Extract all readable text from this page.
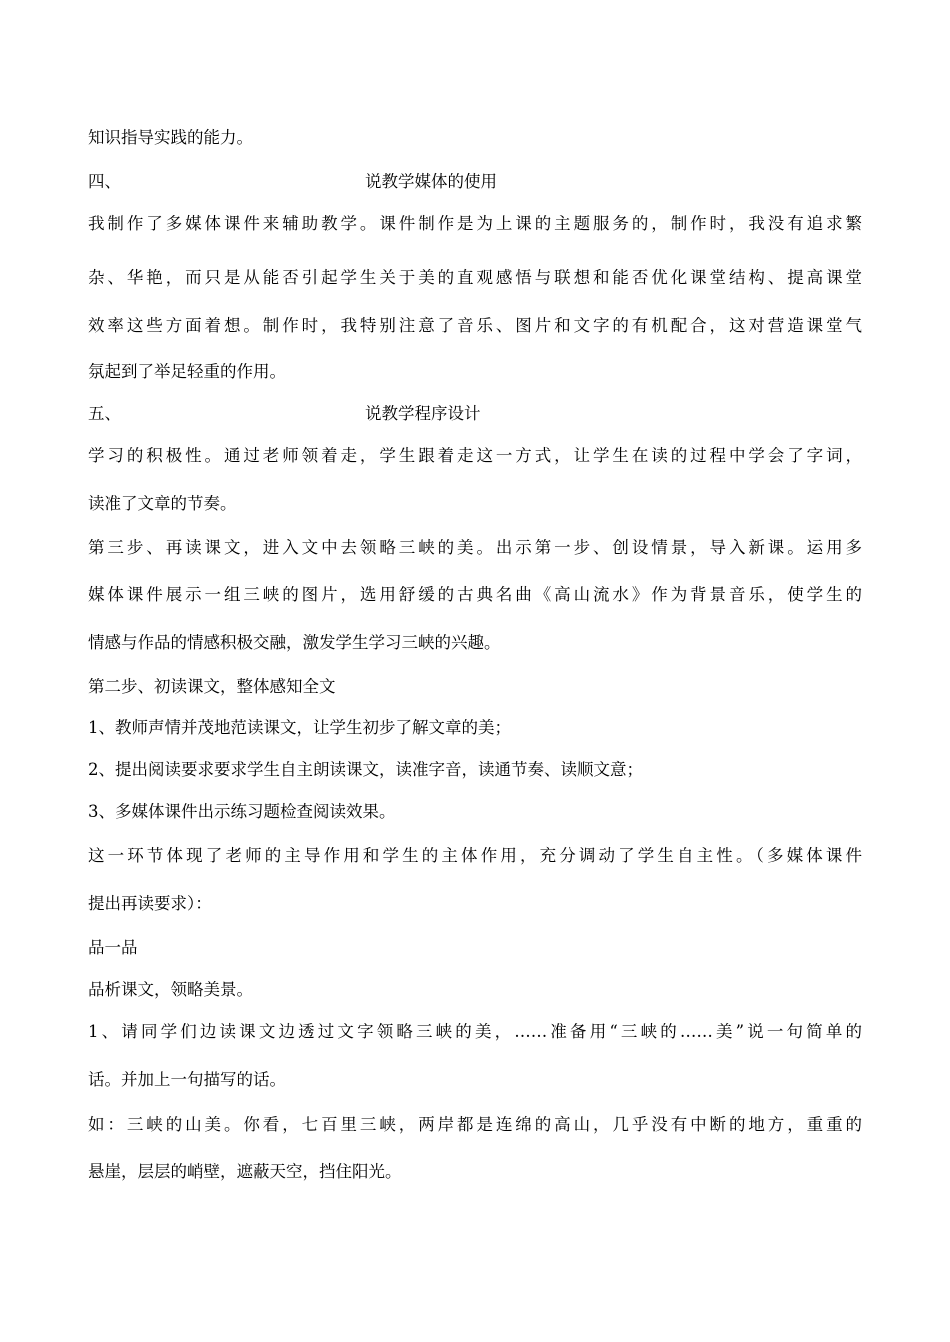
知识指导实践的能力。
四、	说教学媒体的使用
我制作了多媒体课件来辅助教学。课件制作是为上课的主题服务的，制作时，我没有追求繁
杂、华艳，而只是从能否引起学生关于美的直观感悟与联想和能否优化课堂结构、提高课堂
效率这些方面着想。制作时，我特别注意了音乐、图片和文字的有机配合，这对营造课堂气
氛起到了举足轻重的作用。
五、	说教学程序设计
学习的积极性。通过老师领着走，学生跟着走这一方式，让学生在读的过程中学会了字词，
读准了文章的节奏。
第三步、再读课文，进入文中去领略三峡的美。出示第一步、创设情景，导入新课。运用多
媒体课件展示一组三峡的图片，选用舒缓的古典名曲《高山流水》作为背景音乐，使学生的
情感与作品的情感积极交融，激发学生学习三峡的兴趣。
第二步、初读课文，整体感知全文
1、教师声情并茂地范读课文，让学生初步了解文章的美；
2、提出阅读要求要求学生自主朗读课文，读准字音，读通节奏、读顺文意；
3、多媒体课件出示练习题检查阅读效果。
这一环节体现了老师的主导作用和学生的主体作用，充分调动了学生自主性。（多媒体课件
提出再读要求）：
品一品
品析课文，领略美景。
1、请同学们边读课文边透过文字领略三峡的美，……准备用“三峡的……美”说一句简单的
话。并加上一句描写的话。
如：三峡的山美。你看，七百里三峡，两岸都是连绵的高山，几乎没有中断的地方，重重的
悬崖，层层的峭壁，遮蔽天空，挡住阳光。
